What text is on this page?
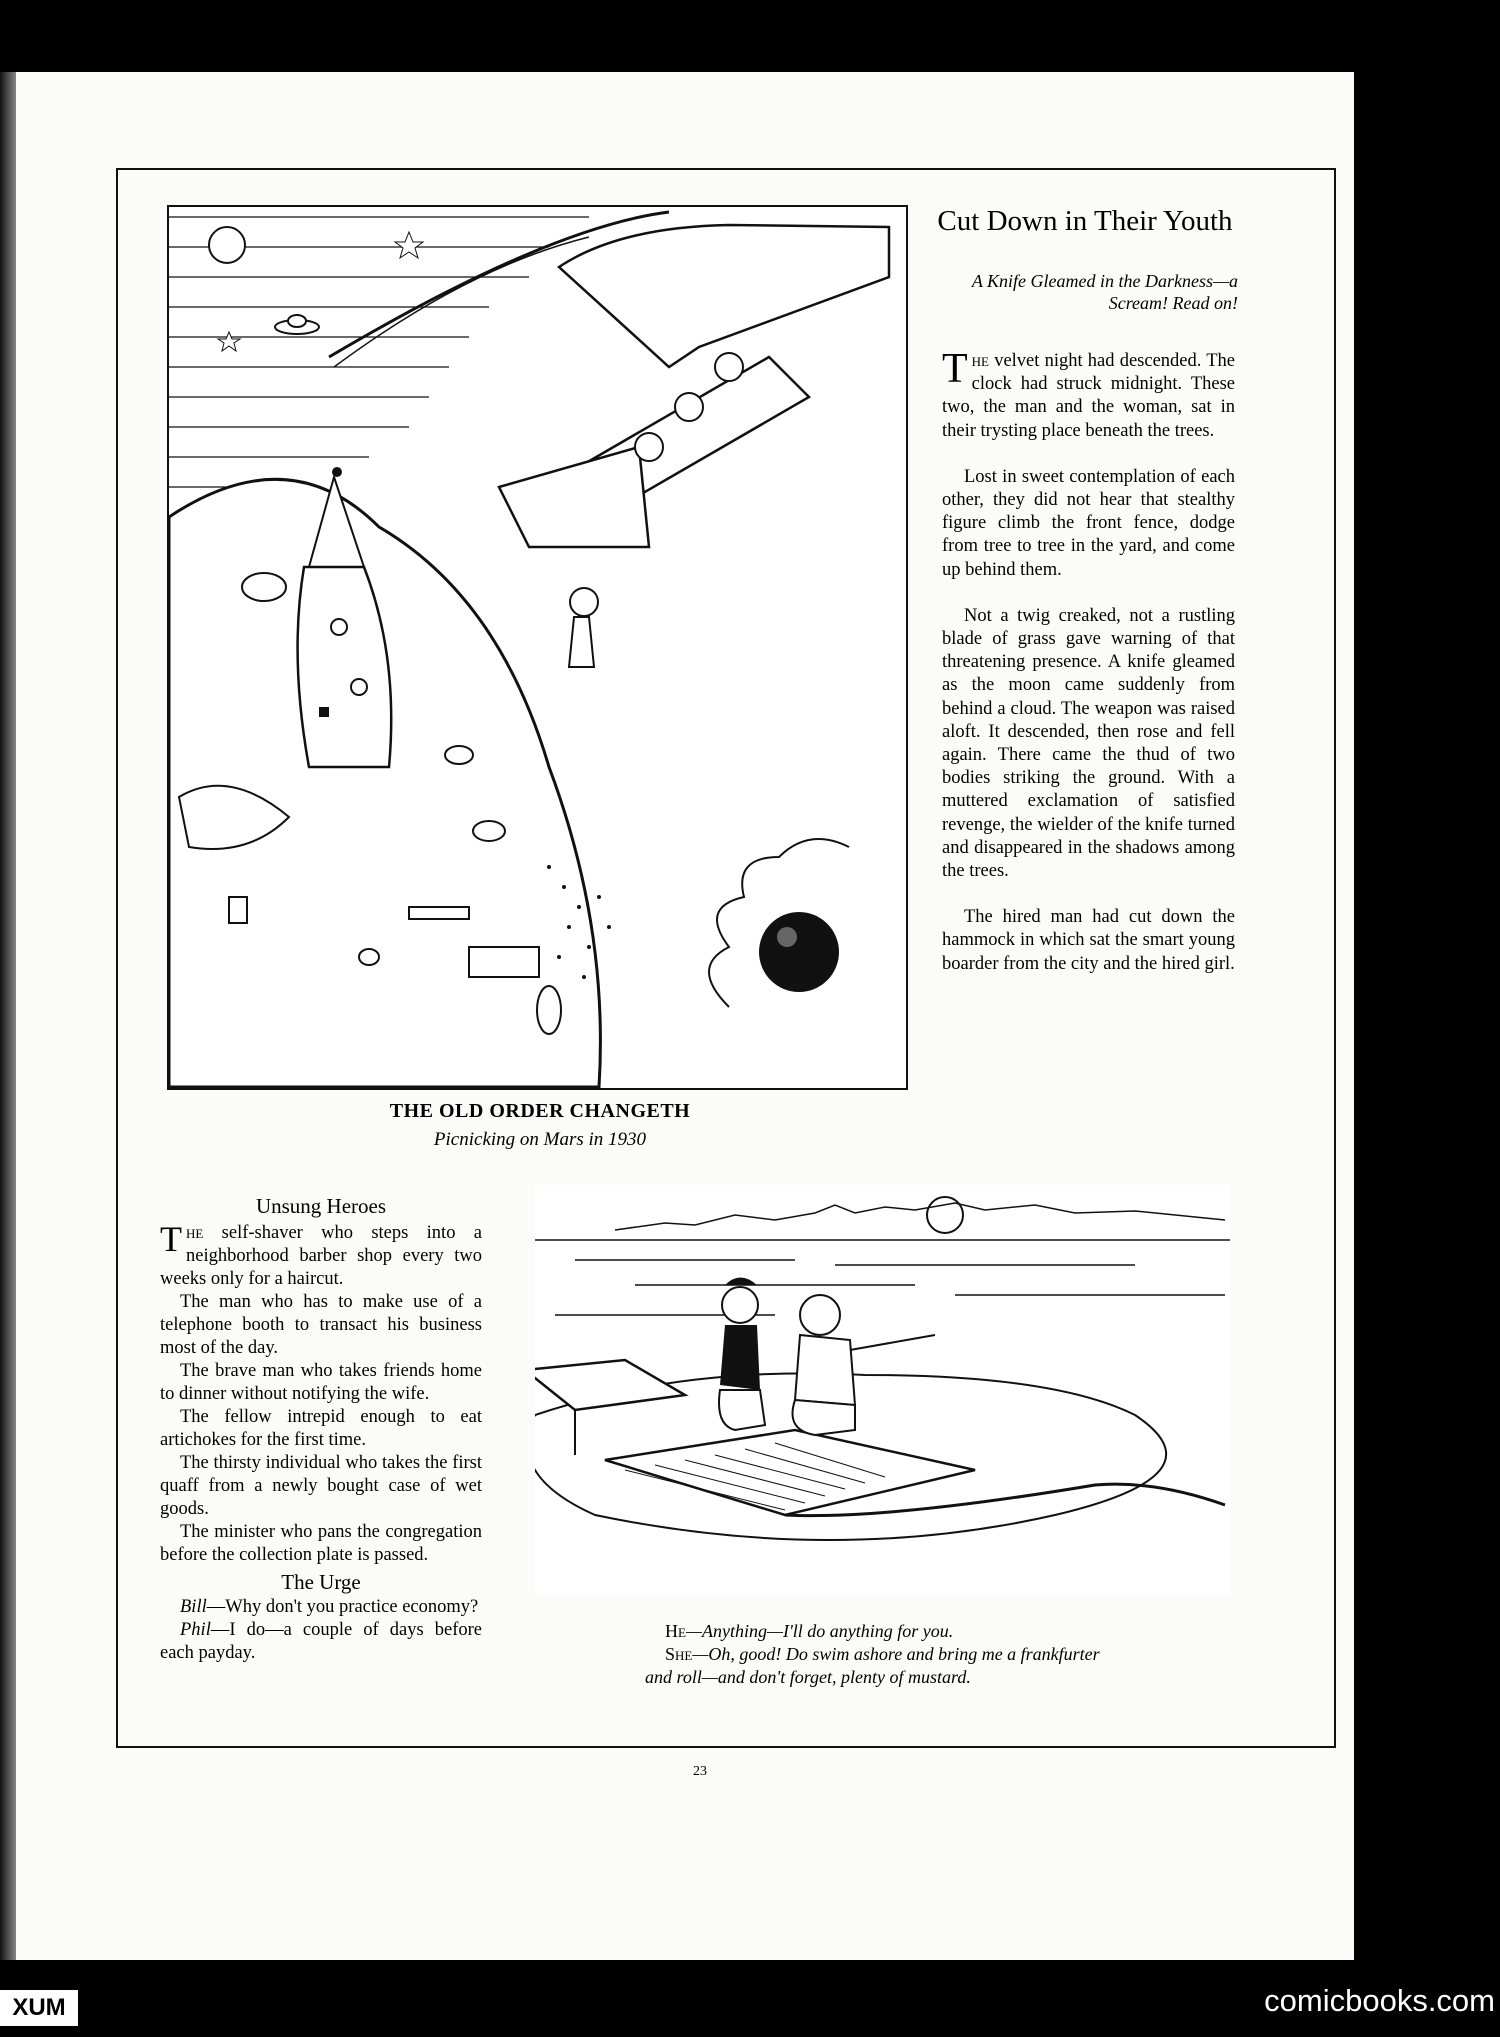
THE OLD ORDER CHANGETH
Picnicking on Mars in 1930
Cut Down in Their Youth
A Knife Gleamed in the Darkness—a Scream! Read on!

The velvet night had descended. The clock had struck midnight. These two, the man and the woman, sat in their trysting place beneath the trees.

Lost in sweet contemplation of each other, they did not hear that stealthy figure climb the front fence, dodge from tree to tree in the yard, and come up behind them.

Not a twig creaked, not a rustling blade of grass gave warning of that threatening presence. A knife gleamed as the moon came suddenly from behind a cloud. The weapon was raised aloft. It descended, then rose and fell again. There came the thud of two bodies striking the ground. With a muttered exclamation of satisfied revenge, the wielder of the knife turned and disappeared in the shadows among the trees.

The hired man had cut down the hammock in which sat the smart young boarder from the city and the hired girl.

Unsung Heroes

The self-shaver who steps into a neighborhood barber shop every two weeks only for a haircut.

The man who has to make use of a telephone booth to transact his business most of the day.

The brave man who takes friends home to dinner without notifying the wife.

The fellow intrepid enough to eat artichokes for the first time.

The thirsty individual who takes the first quaff from a newly bought case of wet goods.

The minister who pans the congregation before the collection plate is passed.

The Urge

Bill—Why don't you practice economy?

Phil—I do—a couple of days before each payday.

He—Anything—I'll do anything for you.

She—Oh, good! Do swim ashore and bring me a frankfurter and roll—and don't forget, plenty of mustard.

23
XUM	comicbooks.com
